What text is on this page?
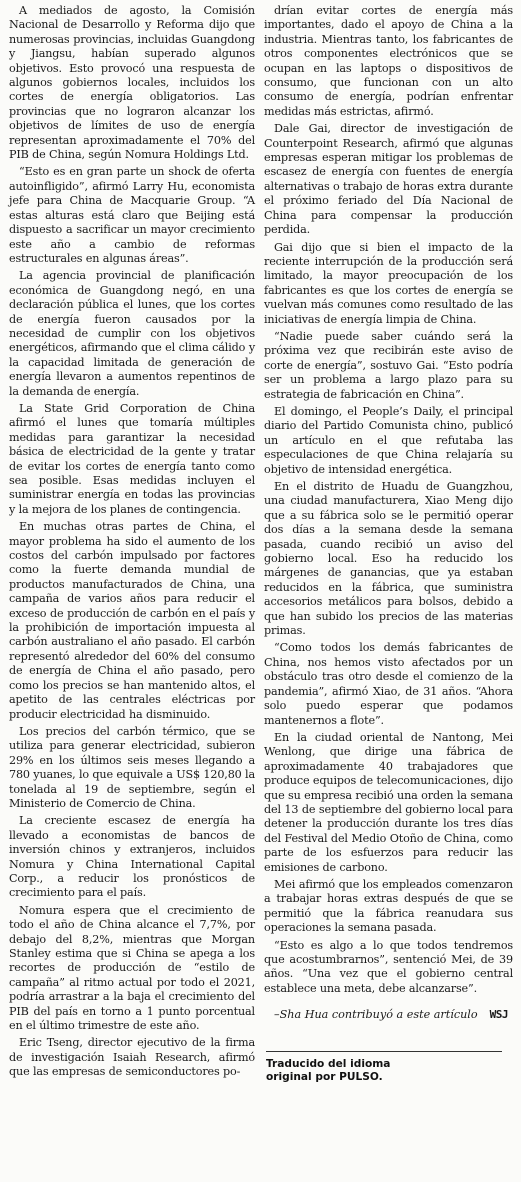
A mediados de agosto, la Comisión Nacional de Desarrollo y Reforma dijo que numerosas provincias, incluidas Guangdong y Jiangsu, habían superado algunos objetivos. Esto provocó una respuesta de algunos gobiernos locales, incluidos los cortes de energía obligatorios. Las provincias que no lograron alcanzar los objetivos de límites de uso de energía representan aproximadamente el 70% del PIB de China, según Nomura Holdings Ltd.

“Esto es en gran parte un shock de oferta autoinfligido”, afirmó Larry Hu, economista jefe para China de Macquarie Group. “A estas alturas está claro que Beijing está dispuesto a sacrificar un mayor crecimiento este año a cambio de reformas estructurales en algunas áreas”.

La agencia provincial de planificación económica de Guangdong negó, en una declaración pública el lunes, que los cortes de energía fueron causados por la necesidad de cumplir con los objetivos energéticos, afirmando que el clima cálido y la capacidad limitada de generación de energía llevaron a aumentos repentinos de la demanda de energía.

La State Grid Corporation de China afirmó el lunes que tomaría múltiples medidas para garantizar la necesidad básica de electricidad de la gente y tratar de evitar los cortes de energía tanto como sea posible. Esas medidas incluyen el suministrar energía en todas las provincias y la mejora de los planes de contingencia.

En muchas otras partes de China, el mayor problema ha sido el aumento de los costos del carbón impulsado por factores como la fuerte demanda mundial de productos manufacturados de China, una campaña de varios años para reducir el exceso de producción de carbón en el país y la prohibición de importación impuesta al carbón australiano el año pasado. El carbón representó alrededor del 60% del consumo de energía de China el año pasado, pero como los precios se han mantenido altos, el apetito de las centrales eléctricas por producir electricidad ha disminuido.

Los precios del carbón térmico, que se utiliza para generar electricidad, subieron 29% en los últimos seis meses llegando a 780 yuanes, lo que equivale a US$ 120,80 la tonelada al 19 de septiembre, según el Ministerio de Comercio de China.

La creciente escasez de energía ha llevado a economistas de bancos de inversión chinos y extranjeros, incluidos Nomura y China International Capital Corp., a reducir los pronósticos de crecimiento para el país.

Nomura espera que el crecimiento de todo el año de China alcance el 7,7%, por debajo del 8,2%, mientras que Morgan Stanley estima que si China se apega a los recortes de producción de “estilo de campaña” al ritmo actual por todo el 2021, podría arrastrar a la baja el crecimiento del PIB del país en torno a 1 punto porcentual en el último trimestre de este año.

Eric Tseng, director ejecutivo de la firma de investigación Isaiah Research, afirmó que las empresas de semiconductores po-

drían evitar cortes de energía más importantes, dado el apoyo de China a la industria. Mientras tanto, los fabricantes de otros componentes electrónicos que se ocupan en las laptops o dispositivos de consumo, que funcionan con un alto consumo de energía, podrían enfrentar medidas más estrictas, afirmó.

Dale Gai, director de investigación de Counterpoint Research, afirmó que algunas empresas esperan mitigar los problemas de escasez de energía con fuentes de energía alternativas o trabajo de horas extra durante el próximo feriado del Día Nacional de China para compensar la producción perdida.

Gai dijo que si bien el impacto de la reciente interrupción de la producción será limitado, la mayor preocupación de los fabricantes es que los cortes de energía se vuelvan más comunes como resultado de las iniciativas de energía limpia de China.

“Nadie puede saber cuándo será la próxima vez que recibirán este aviso de corte de energía”, sostuvo Gai. “Esto podría ser un problema a largo plazo para su estrategia de fabricación en China”.

El domingo, el People’s Daily, el principal diario del Partido Comunista chino, publicó un artículo en el que refutaba las especulaciones de que China relajaría su objetivo de intensidad energética.

En el distrito de Huadu de Guangzhou, una ciudad manufacturera, Xiao Meng dijo que a su fábrica solo se le permitió operar dos días a la semana desde la semana pasada, cuando recibió un aviso del gobierno local. Eso ha reducido los márgenes de ganancias, que ya estaban reducidos en la fábrica, que suministra accesorios metálicos para bolsos, debido a que han subido los precios de las materias primas.

“Como todos los demás fabricantes de China, nos hemos visto afectados por un obstáculo tras otro desde el comienzo de la pandemia”, afirmó Xiao, de 31 años. “Ahora solo puedo esperar que podamos mantenernos a flote”.

En la ciudad oriental de Nantong, Mei Wenlong, que dirige una fábrica de aproximadamente 40 trabajadores que produce equipos de telecomunicaciones, dijo que su empresa recibió una orden la semana del 13 de septiembre del gobierno local para detener la producción durante los tres días del Festival del Medio Otoño de China, como parte de los esfuerzos para reducir las emisiones de carbono.

Mei afirmó que los empleados comenzaron a trabajar horas extras después de que se permitió que la fábrica reanudara sus operaciones la semana pasada.

“Esto es algo a lo que todos tendremos que acostumbrarnos”, sentenció Mei, de 39 años. “Una vez que el gobierno central establece una meta, debe alcanzarse”.

–Sha Hua contribuyó a este artículo	WSJ
Traducido del idioma
original por PULSO.
